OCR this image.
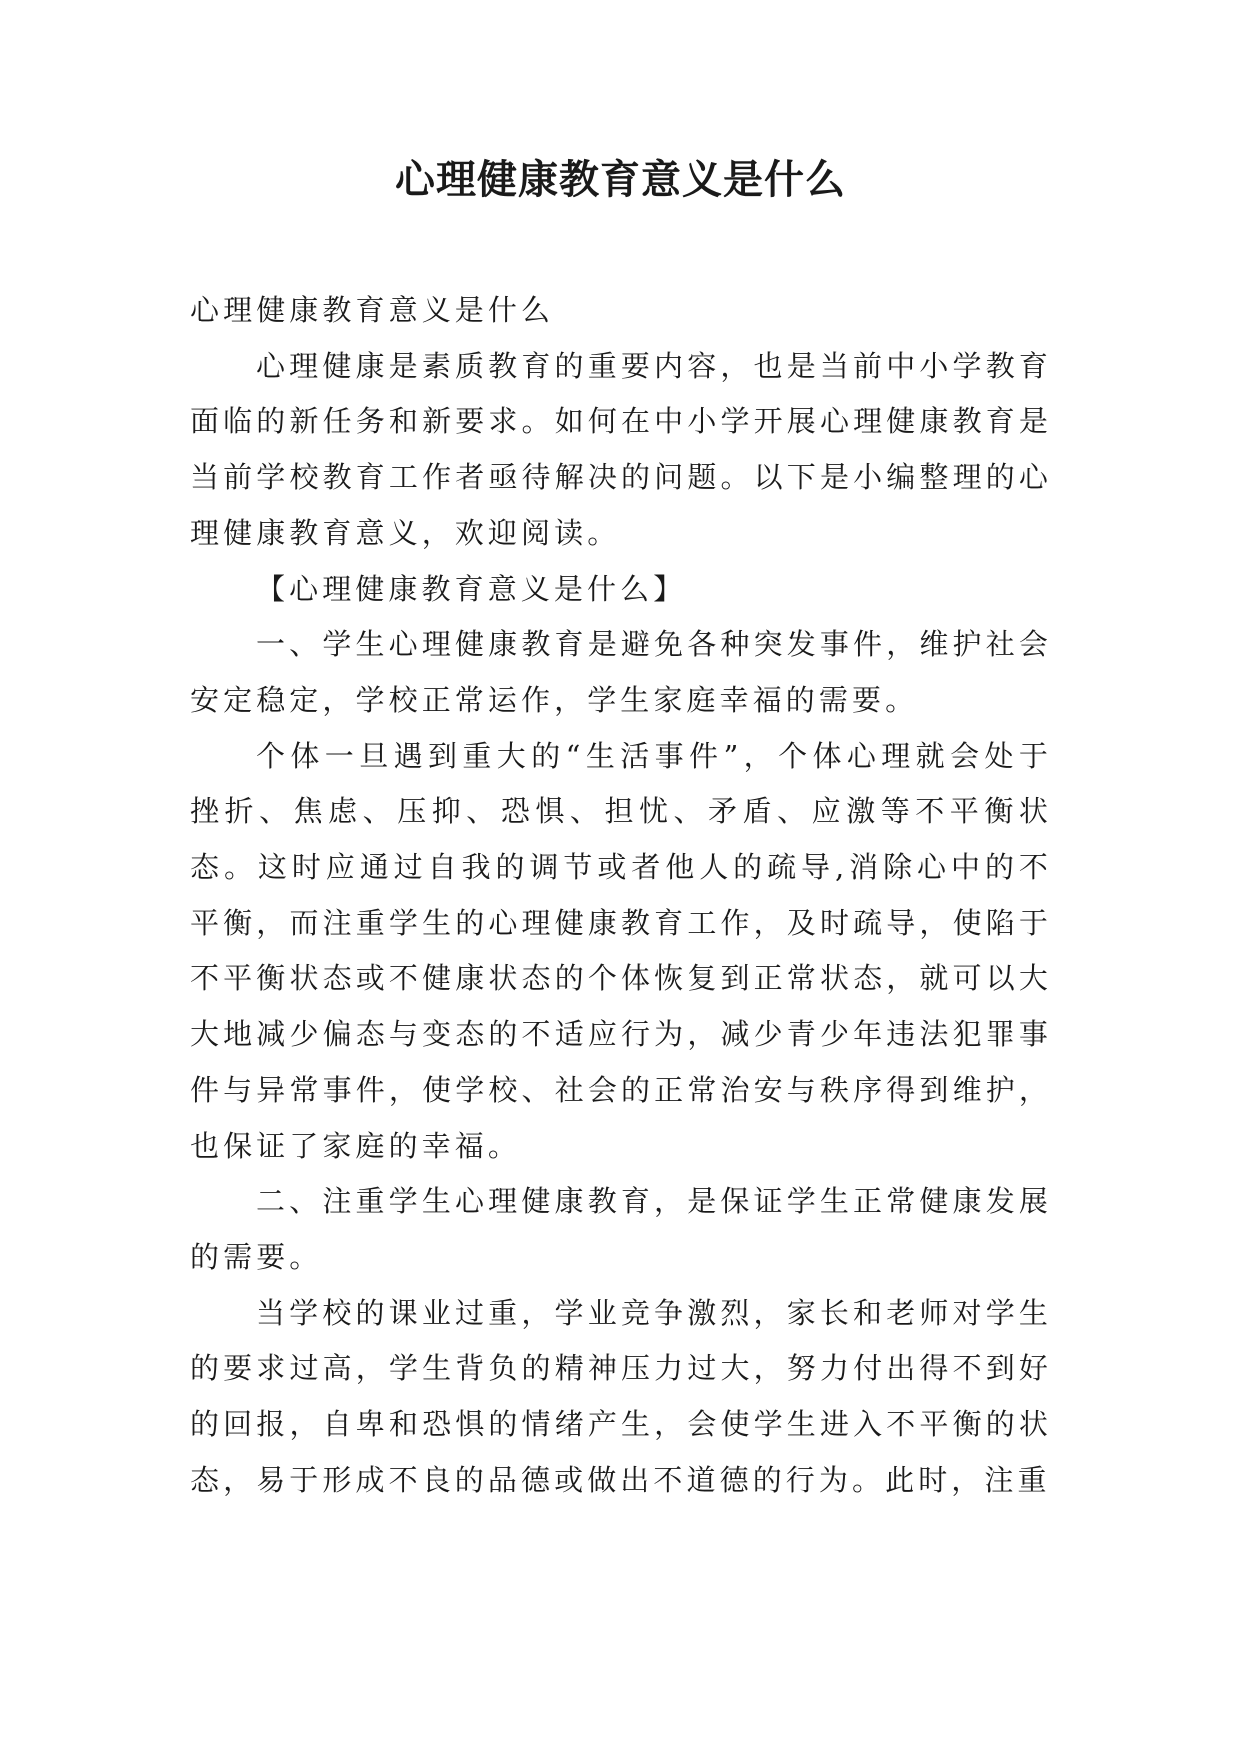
心理健康教育意义是什么

心理健康教育意义是什么

心理健康是素质教育的重要内容，也是当前中小学教育面临的新任务和新要求。如何在中小学开展心理健康教育是当前学校教育工作者亟待解决的问题。以下是小编整理的心理健康教育意义，欢迎阅读。

【心理健康教育意义是什么】

一、学生心理健康教育是避免各种突发事件，维护社会安定稳定，学校正常运作，学生家庭幸福的需要。

个体一旦遇到重大的“生活事件”，个体心理就会处于挫折、焦虑、压抑、恐惧、担忧、矛盾、应激等不平衡状态。这时应通过自我的调节或者他人的疏导,消除心中的不平衡，而注重学生的心理健康教育工作，及时疏导，使陷于不平衡状态或不健康状态的个体恢复到正常状态，就可以大大地减少偏态与变态的不适应行为，减少青少年违法犯罪事件与异常事件，使学校、社会的正常治安与秩序得到维护，也保证了家庭的幸福。

二、注重学生心理健康教育，是保证学生正常健康发展的需要。

当学校的课业过重，学业竞争激烈，家长和老师对学生的要求过高，学生背负的精神压力过大，努力付出得不到好的回报，自卑和恐惧的情绪产生，会使学生进入不平衡的状态，易于形成不良的品德或做出不道德的行为。此时，注重
